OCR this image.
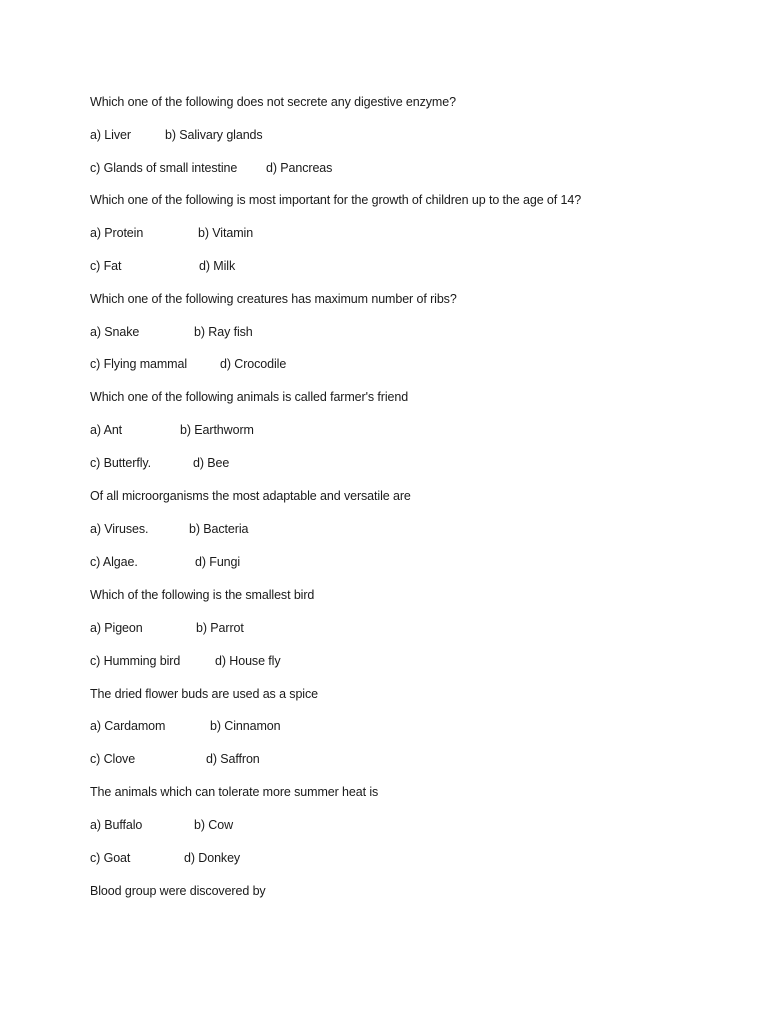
Which one of the following does not secrete any digestive enzyme?
a) Liver	b) Salivary glands
c) Glands of small intestine d) Pancreas
Which one of the following is most important for the growth of children up to the age of 14?
a) Protein	b) Vitamin
c) Fat	d) Milk
Which one of the following creatures has maximum number of ribs?
a) Snake	b) Ray fish
c) Flying mammal	d) Crocodile
Which one of the following animals is called farmer's friend
a) Ant	b) Earthworm
c) Butterfly.	d) Bee
Of all microorganisms the most adaptable and versatile are
a) Viruses.	b) Bacteria
c) Algae.	d) Fungi
Which of the following is the smallest bird
a) Pigeon	b) Parrot
c) Humming bird	d) House fly
The dried flower buds are used as a spice
a) Cardamom	b) Cinnamon
c) Clove	d) Saffron
The animals which can tolerate more summer heat is
a) Buffalo	b) Cow
c) Goat	d) Donkey
Blood group were discovered by
